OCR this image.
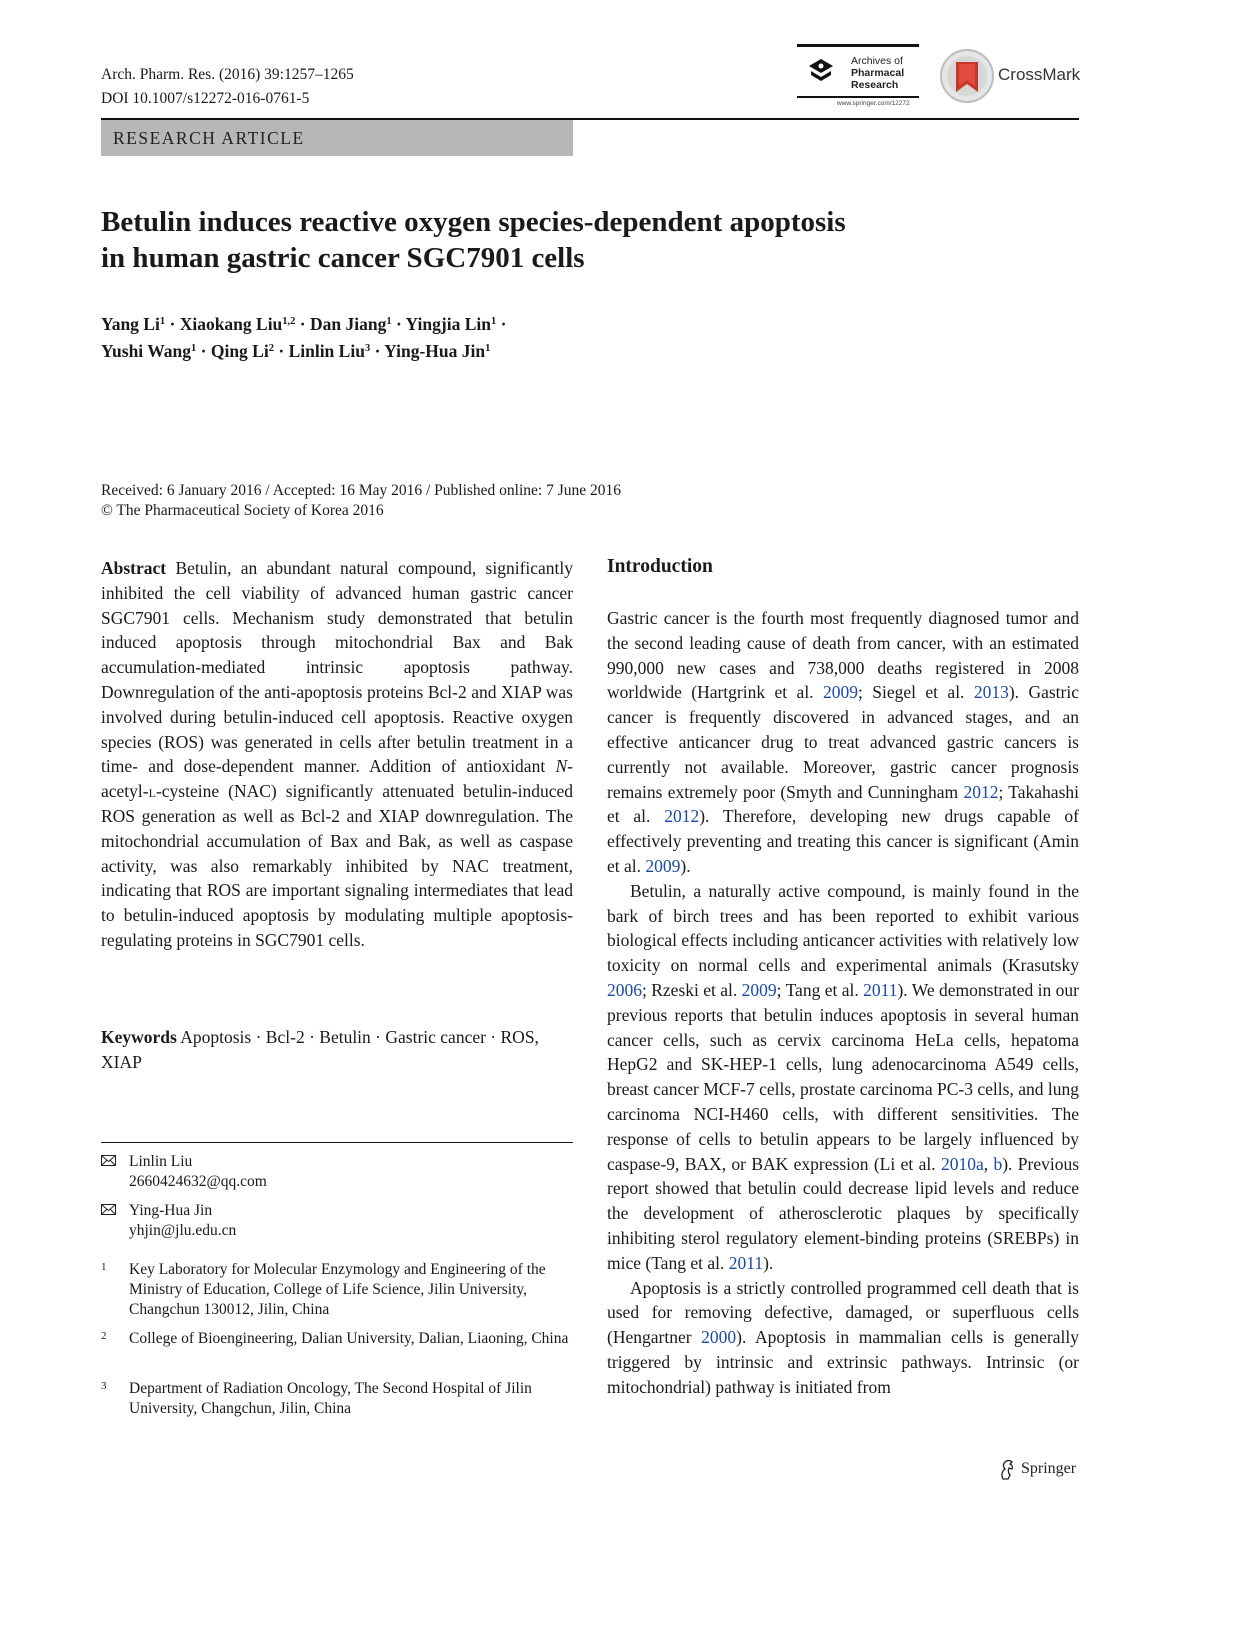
Arch. Pharm. Res. (2016) 39:1257–1265
DOI 10.1007/s12272-016-0761-5
Archives of
Pharmacal
Research
www.springer.com/12272
CrossMark
RESEARCH ARTICLE
Betulin induces reactive oxygen species-dependent apoptosis
in human gastric cancer SGC7901 cells
Yang $Li^1$ · Xiaokang Liu$^{1,2}$ · Dan Jiang$^1$ · Yingjia Lin$^1$ ·
Yushi Wang$^1$ · Qing $Li^2$ · Linlin Liu$^3$ · Ying-Hua Jin$^1$
Received: 6 January 2016 / Accepted: 16 May 2016 / Published online: 7 June 2016
© The Pharmaceutical Society of Korea 2016
Abstract Betulin, an abundant natural compound, significantly inhibited the cell viability of advanced human gastric cancer SGC7901 cells. Mechanism study demonstrated that betulin induced apoptosis through mitochondrial Bax and Bak accumulation-mediated intrinsic apoptosis pathway. Downregulation of the anti-apoptosis proteins Bcl-2 and XIAP was involved during betulin-induced cell apoptosis. Reactive oxygen species (ROS) was generated in cells after betulin treatment in a time- and dose-dependent manner. Addition of antioxidant N-acetyl-l-cysteine (NAC) significantly attenuated betulin-induced ROS generation as well as Bcl-2 and XIAP downregulation. The mitochondrial accumulation of Bax and Bak, as well as caspase activity, was also remarkably inhibited by NAC treatment, indicating that ROS are important signaling intermediates that lead to betulin-induced apoptosis by modulating multiple apoptosis-regulating proteins in SGC7901 cells.
Keywords Apoptosis · Bcl-2 · Betulin · Gastric cancer · ROS, XIAP
Linlin Liu
2660424632@qq.com
Ying-Hua Jin
yhjin@jlu.edu.cn
1 Key Laboratory for Molecular Enzymology and Engineering of the Ministry of Education, College of Life Science, Jilin University, Changchun 130012, Jilin, China
2 College of Bioengineering, Dalian University, Dalian, Liaoning, China
3 Department of Radiation Oncology, The Second Hospital of Jilin University, Changchun, Jilin, China
Introduction

Gastric cancer is the fourth most frequently diagnosed tumor and the second leading cause of death from cancer, with an estimated 990,000 new cases and 738,000 deaths registered in 2008 worldwide (Hartgrink et al. 2009; Siegel et al. 2013). Gastric cancer is frequently discovered in advanced stages, and an effective anticancer drug to treat advanced gastric cancers is currently not available. Moreover, gastric cancer prognosis remains extremely poor (Smyth and Cunningham 2012; Takahashi et al. 2012). Therefore, developing new drugs capable of effectively preventing and treating this cancer is significant (Amin et al. 2009).

Betulin, a naturally active compound, is mainly found in the bark of birch trees and has been reported to exhibit various biological effects including anticancer activities with relatively low toxicity on normal cells and experimental animals (Krasutsky 2006; Rzeski et al. 2009; Tang et al. 2011). We demonstrated in our previous reports that betulin induces apoptosis in several human cancer cells, such as cervix carcinoma HeLa cells, hepatoma HepG2 and SK-HEP-1 cells, lung adenocarcinoma A549 cells, breast cancer MCF-7 cells, prostate carcinoma PC-3 cells, and lung carcinoma NCI-H460 cells, with different sensitivities. The response of cells to betulin appears to be largely influenced by caspase-9, BAX, or BAK expression (Li et al. 2010a, b). Previous report showed that betulin could decrease lipid levels and reduce the development of atherosclerotic plaques by specifically inhibiting sterol regulatory element-binding proteins (SREBPs) in mice (Tang et al. 2011).

Apoptosis is a strictly controlled programmed cell death that is used for removing defective, damaged, or superfluous cells (Hengartner 2000). Apoptosis in mammalian cells is generally triggered by intrinsic and extrinsic pathways. Intrinsic (or mitochondrial) pathway is initiated from

Springer
